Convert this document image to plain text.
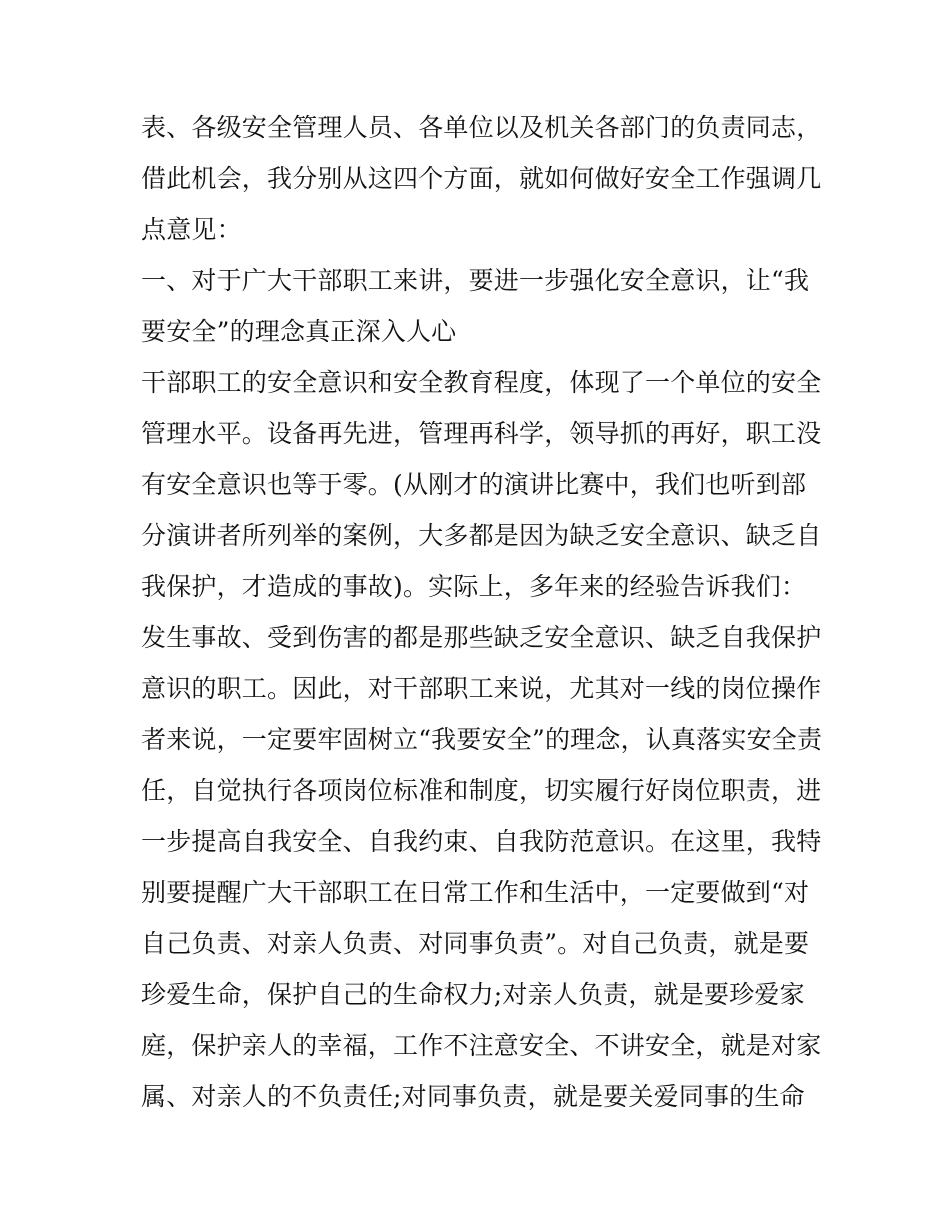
表、各级安全管理人员、各单位以及机关各部门的负责同志，
借此机会，我分别从这四个方面，就如何做好安全工作强调几
点意见：
一、对于广大干部职工来讲，要进一步强化安全意识，让“我
要安全”的理念真正深入人心
干部职工的安全意识和安全教育程度，体现了一个单位的安全
管理水平。设备再先进，管理再科学，领导抓的再好，职工没
有安全意识也等于零。(从刚才的演讲比赛中，我们也听到部
分演讲者所列举的案例，大多都是因为缺乏安全意识、缺乏自
我保护，才造成的事故)。实际上，多年来的经验告诉我们：
发生事故、受到伤害的都是那些缺乏安全意识、缺乏自我保护
意识的职工。因此，对干部职工来说，尤其对一线的岗位操作
者来说，一定要牢固树立“我要安全”的理念，认真落实安全责
任，自觉执行各项岗位标准和制度，切实履行好岗位职责，进
一步提高自我安全、自我约束、自我防范意识。在这里，我特
别要提醒广大干部职工在日常工作和生活中，一定要做到“对
自己负责、对亲人负责、对同事负责”。对自己负责，就是要
珍爱生命，保护自己的生命权力;对亲人负责，就是要珍爱家
庭，保护亲人的幸福，工作不注意安全、不讲安全，就是对家
属、对亲人的不负责任;对同事负责，就是要关爱同事的生命
